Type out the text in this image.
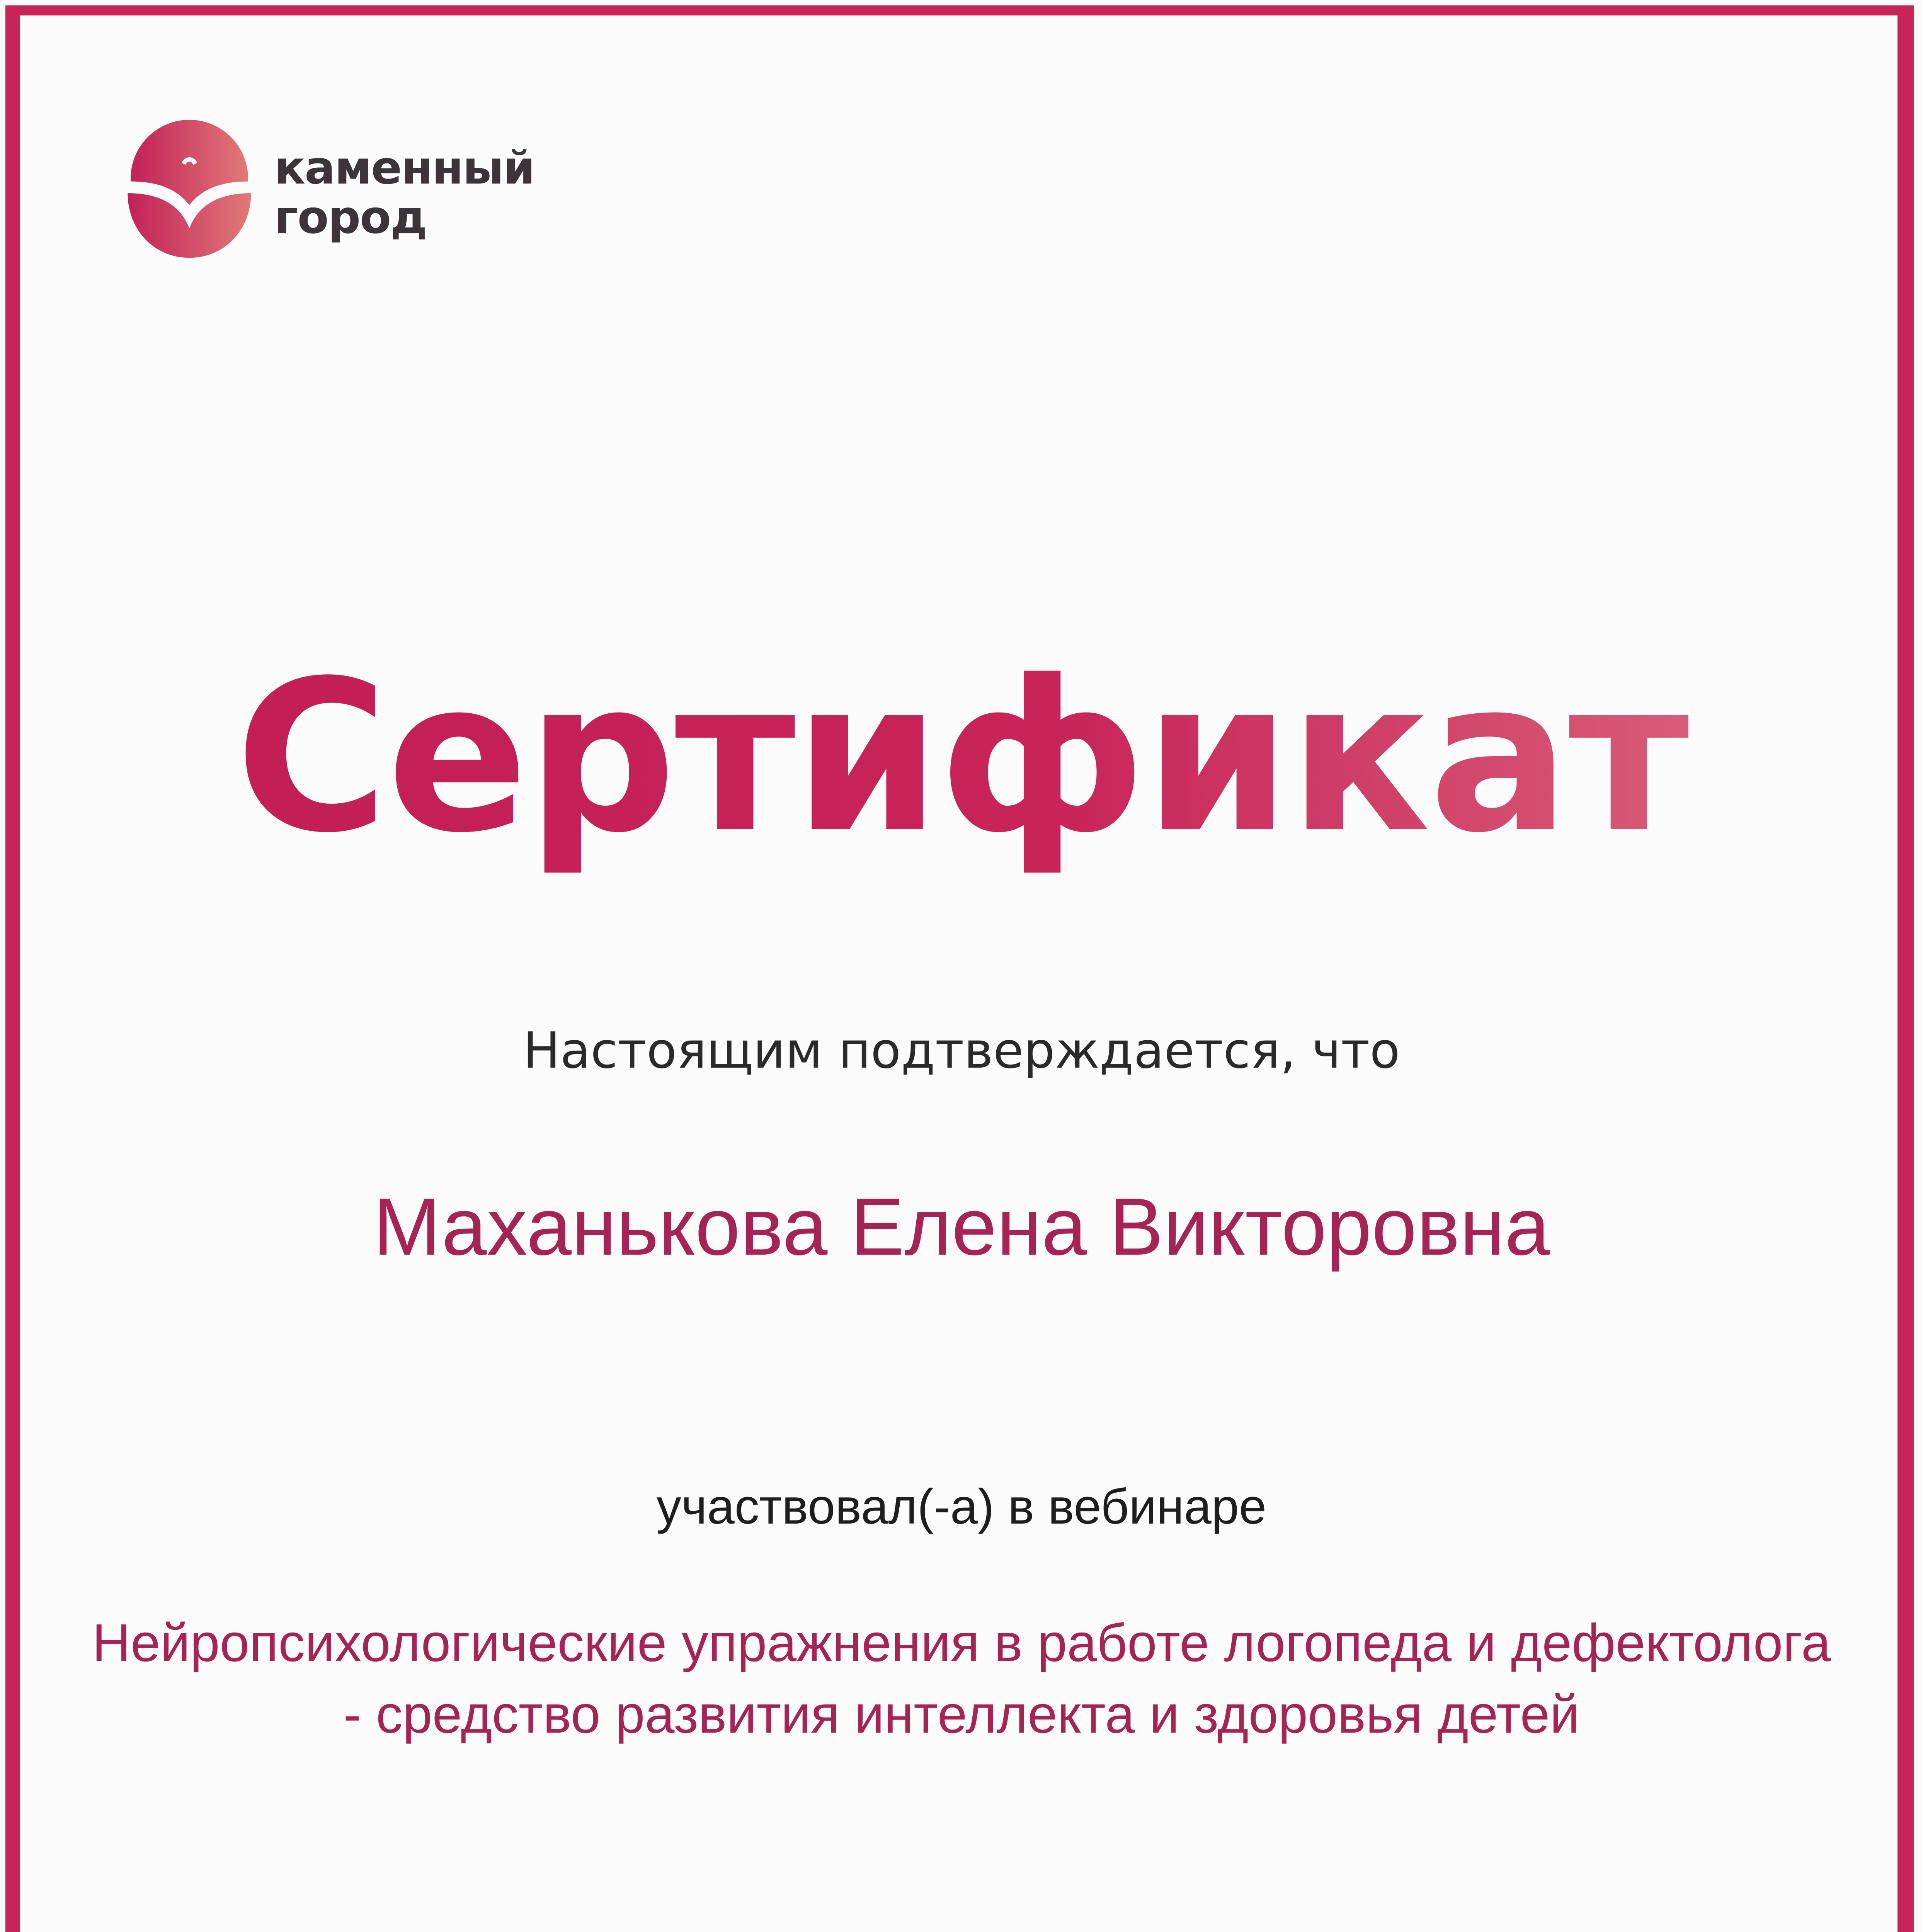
каменный
город
Сертификат
Настоящим подтверждается, что
Маханькова Елена Викторовна
участвовал(-а) в вебинаре
Нейропсихологические упражнения в работе логопеда и дефектолога
- средство развития интеллекта и здоровья детей
